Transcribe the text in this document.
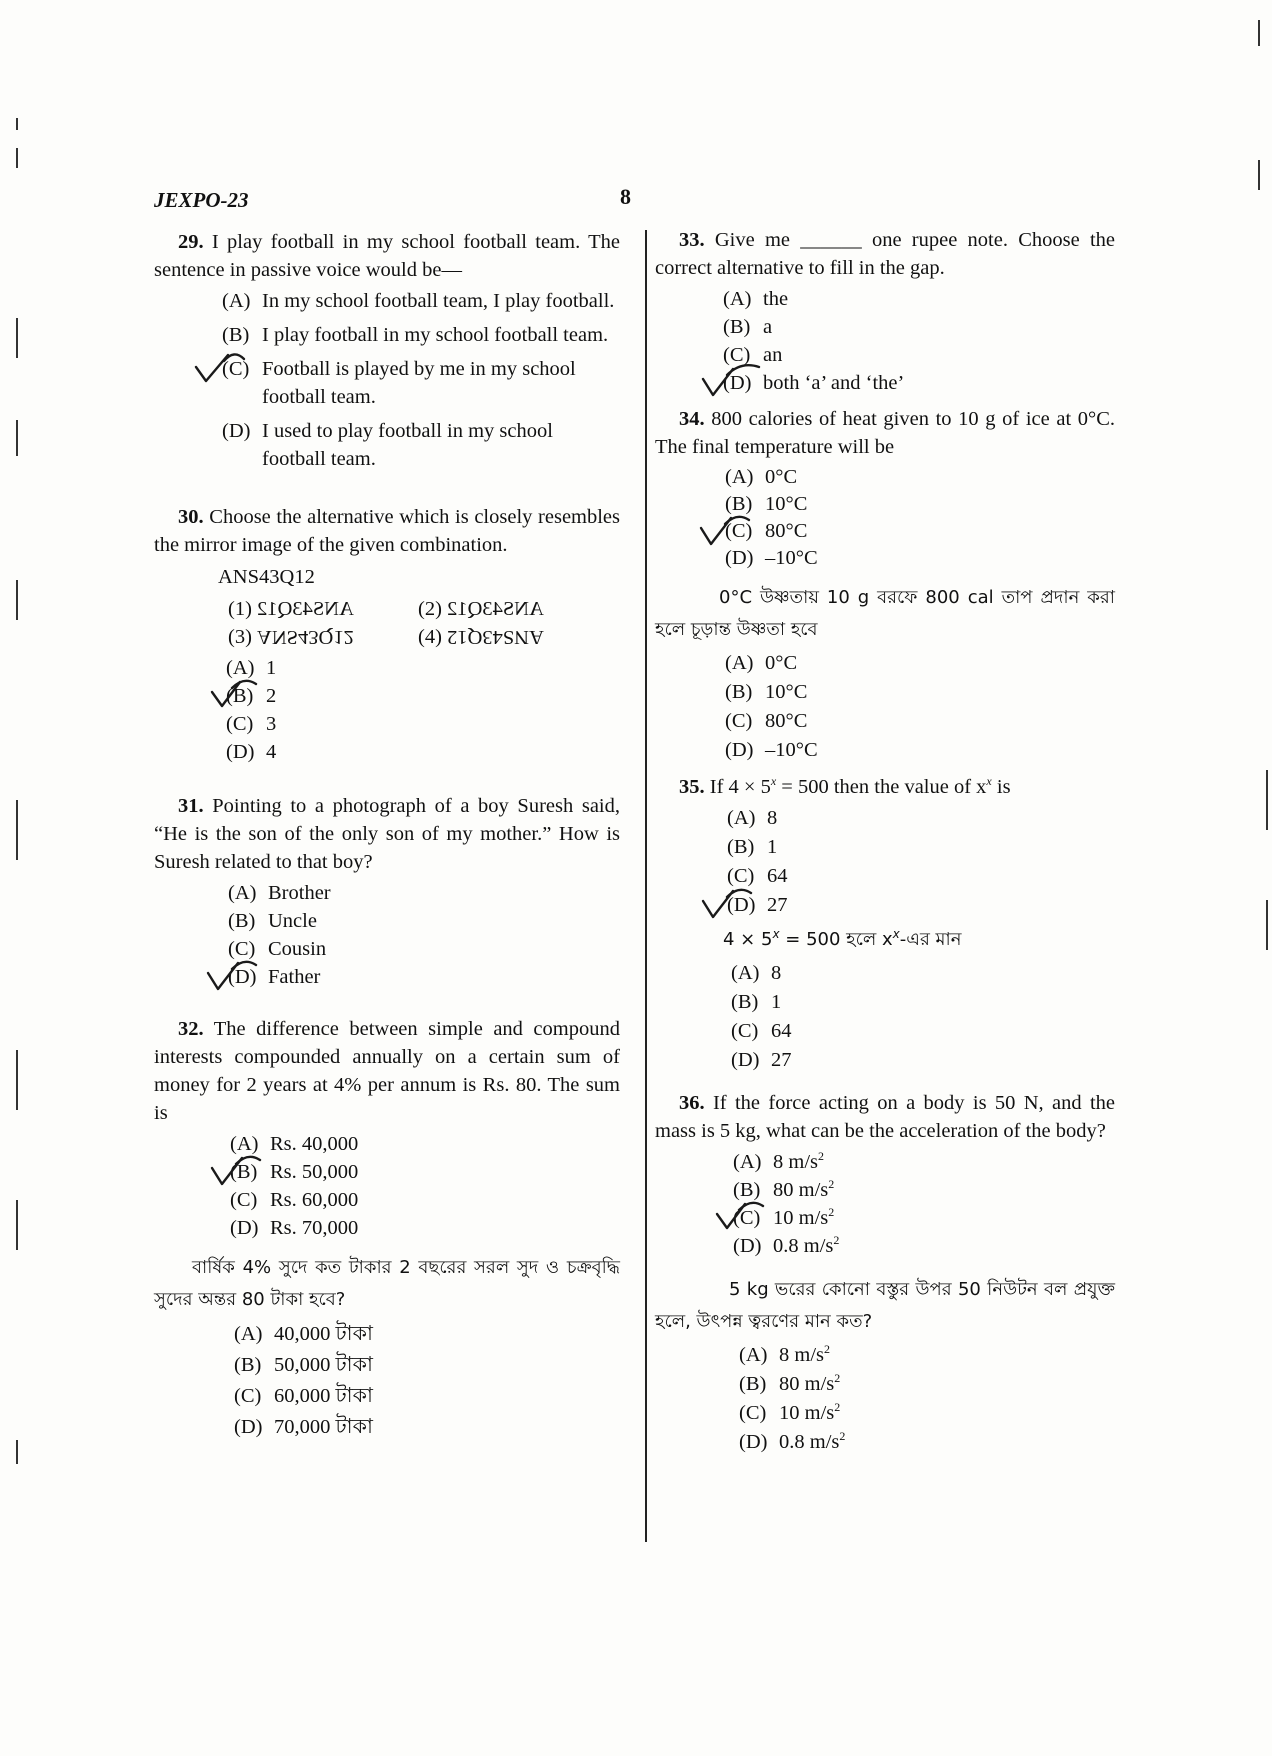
JEXPO-23	8

29. I play football in my school football team. The sentence in passive voice would be—

(A) In my school football team, I play football.
(B) I play football in my school football team.
(C) Football is played by me in my school football team.
(D) I used to play football in my school football team.

30. Choose the alternative which is closely resembles the mirror image of the given combination.

ANS43Q12
(1) ANS43Q12	(2) ANS43Q12
(3) ANS43Q12	(4) ANS43Q12
(A) 1
(B) 2
(C) 3
(D) 4

31. Pointing to a photograph of a boy Suresh said, “He is the son of the only son of my mother.” How is Suresh related to that boy?

(A) Brother
(B) Uncle
(C) Cousin
(D) Father

32. The difference between simple and compound interests compounded annually on a certain sum of money for 2 years at 4% per annum is Rs. 80. The sum is

(A) Rs. 40,000
(B) Rs. 50,000
(C) Rs. 60,000
(D) Rs. 70,000

বার্ষিক 4% সুদে কত টাকার 2 বছরের সরল সুদ ও চক্রবৃদ্ধি সুদের অন্তর 80 টাকা হবে?

(A) 40,000 টাকা
(B) 50,000 টাকা
(C) 60,000 টাকা
(D) 70,000 টাকা

33. Give me ______ one rupee note. Choose the correct alternative to fill in the gap.

(A) the
(B) a
(C) an
(D) both ‘a’ and ‘the’

34. 800 calories of heat given to 10 g of ice at 0°C. The final temperature will be

(A) 0°C
(B) 10°C
(C) 80°C
(D) –10°C

0°C উষ্ণতায় 10 g বরফে 800 cal তাপ প্রদান করা হলে চূড়ান্ত উষ্ণতা হবে

(A) 0°C
(B) 10°C
(C) 80°C
(D) –10°C

35. If $4 \times 5^x = 500$ then the value of $x^x$ is

(A) 8
(B) 1
(C) 64
(D) 27

$4 \times 5^x = 500$ হলে $x^x-এর$ মান

(A) 8
(B) 1
(C) 64
(D) 27

36. If the force acting on a body is 50 N, and the mass is 5 kg, what can be the acceleration of the body?

(A) 8 $m/s^2$
(B) 80 $m/s^2$
(C) 10 $m/s^2$
(D) 0.8 $m/s^2$

5 kg ভরের কোনো বস্তুর উপর 50 নিউটন বল প্রযুক্ত হলে, উৎপন্ন ত্বরণের মান কত?

(A) 8 $m/s^2$
(B) 80 $m/s^2$
(C) 10 $m/s^2$
(D) 0.8 $m/s^2$
